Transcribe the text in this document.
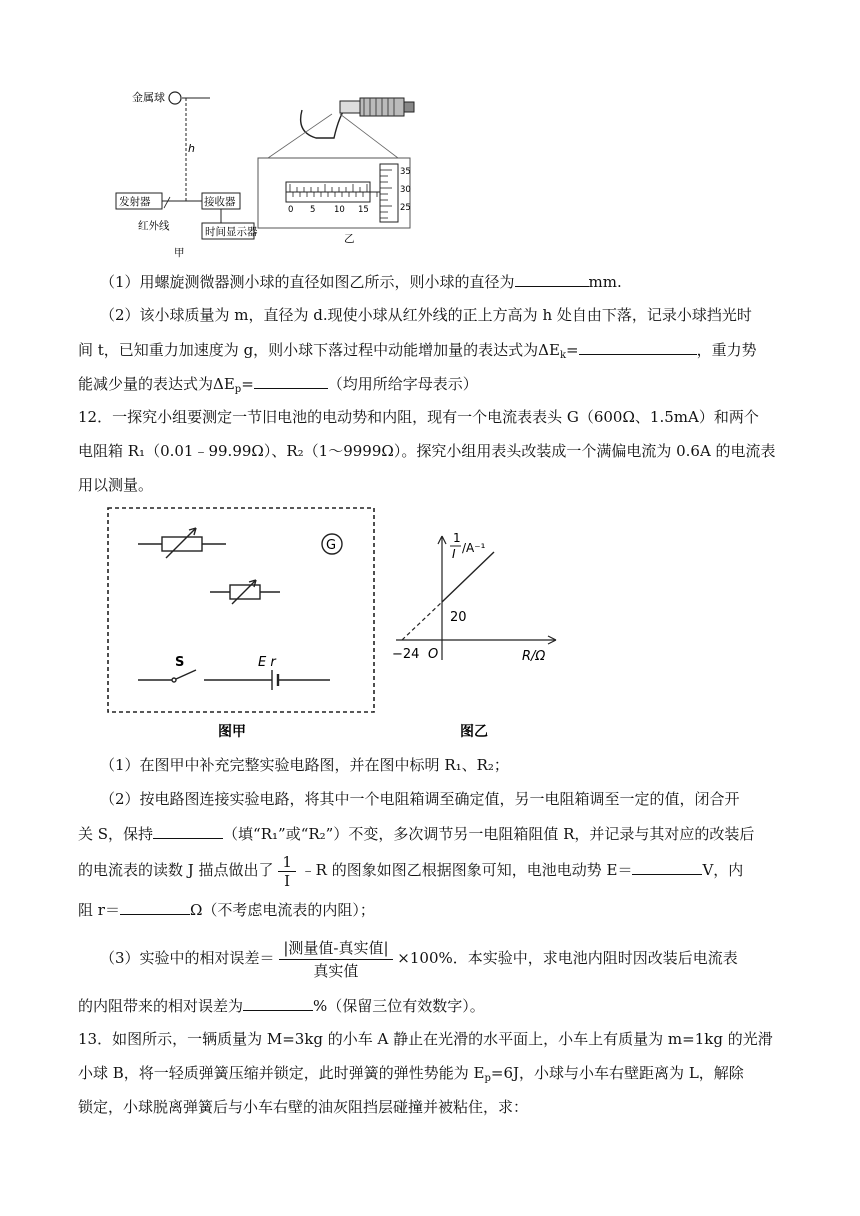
金属球
h
发射器	接收器
红外线	时间显示器
甲
0 5 10 15
35
30
25
乙
（1）用螺旋测微器测小球的直径如图乙所示，则小球的直径为	mm.
（2）该小球质量为 m，直径为 d.现使小球从红外线的正上方高为 h 处自由下落，记录小球挡光时
间 t，已知重力加速度为 g，则小球下落过程中动能增加量的表达式为$\Delta E_k=$	，重力势
能减少量的表达式为$\Delta E_p=$	（均用所给字母表示）
12．一探究小组要测定一节旧电池的电动势和内阻，现有一个电流表表头 G（600Ω、1.5mA）和两个
电阻箱 R₁（0.01﹣99.99Ω）、R₂（1～9999Ω）。探究小组用表头改装成一个满偏电流为 0.6A 的电流表
用以测量。
G
S	E r
图甲
1
I /A⁻¹
20
−24 O	R/Ω
图乙
（1）在图甲中补充完整实验电路图，并在图中标明 R₁、R₂；
（2）按电路图连接实验电路，将其中一个电阻箱调至确定值，另一电阻箱调至一定的值，闭合开
关 S，保持	（填“R₁”或“R₂”）不变，多次调节另一电阻箱阻值 R，并记录与其对应的改装后
的电流表的读数 J 描点做出了 $\frac{1}{I}$ ﹣R 的图象如图乙根据图象可知，电池电动势 E＝	V，内
阻 r＝	Ω（不考虑电流表的内阻）；
（3）实验中的相对误差＝ $\frac{\text{|测量值-真实值|}}{\text{真实值}} \times 100\%$．本实验中，求电池内阻时因改装后电流表
的内阻带来的相对误差为	%（保留三位有效数字）。
13．如图所示，一辆质量为 M=3kg 的小车 A 静止在光滑的水平面上，小车上有质量为 m=1kg 的光滑
小球 B，将一轻质弹簧压缩并锁定，此时弹簧的弹性势能为 $E_p=6J$，小球与小车右壁距离为 L，解除
锁定，小球脱离弹簧后与小车右壁的油灰阻挡层碰撞并被粘住，求：
